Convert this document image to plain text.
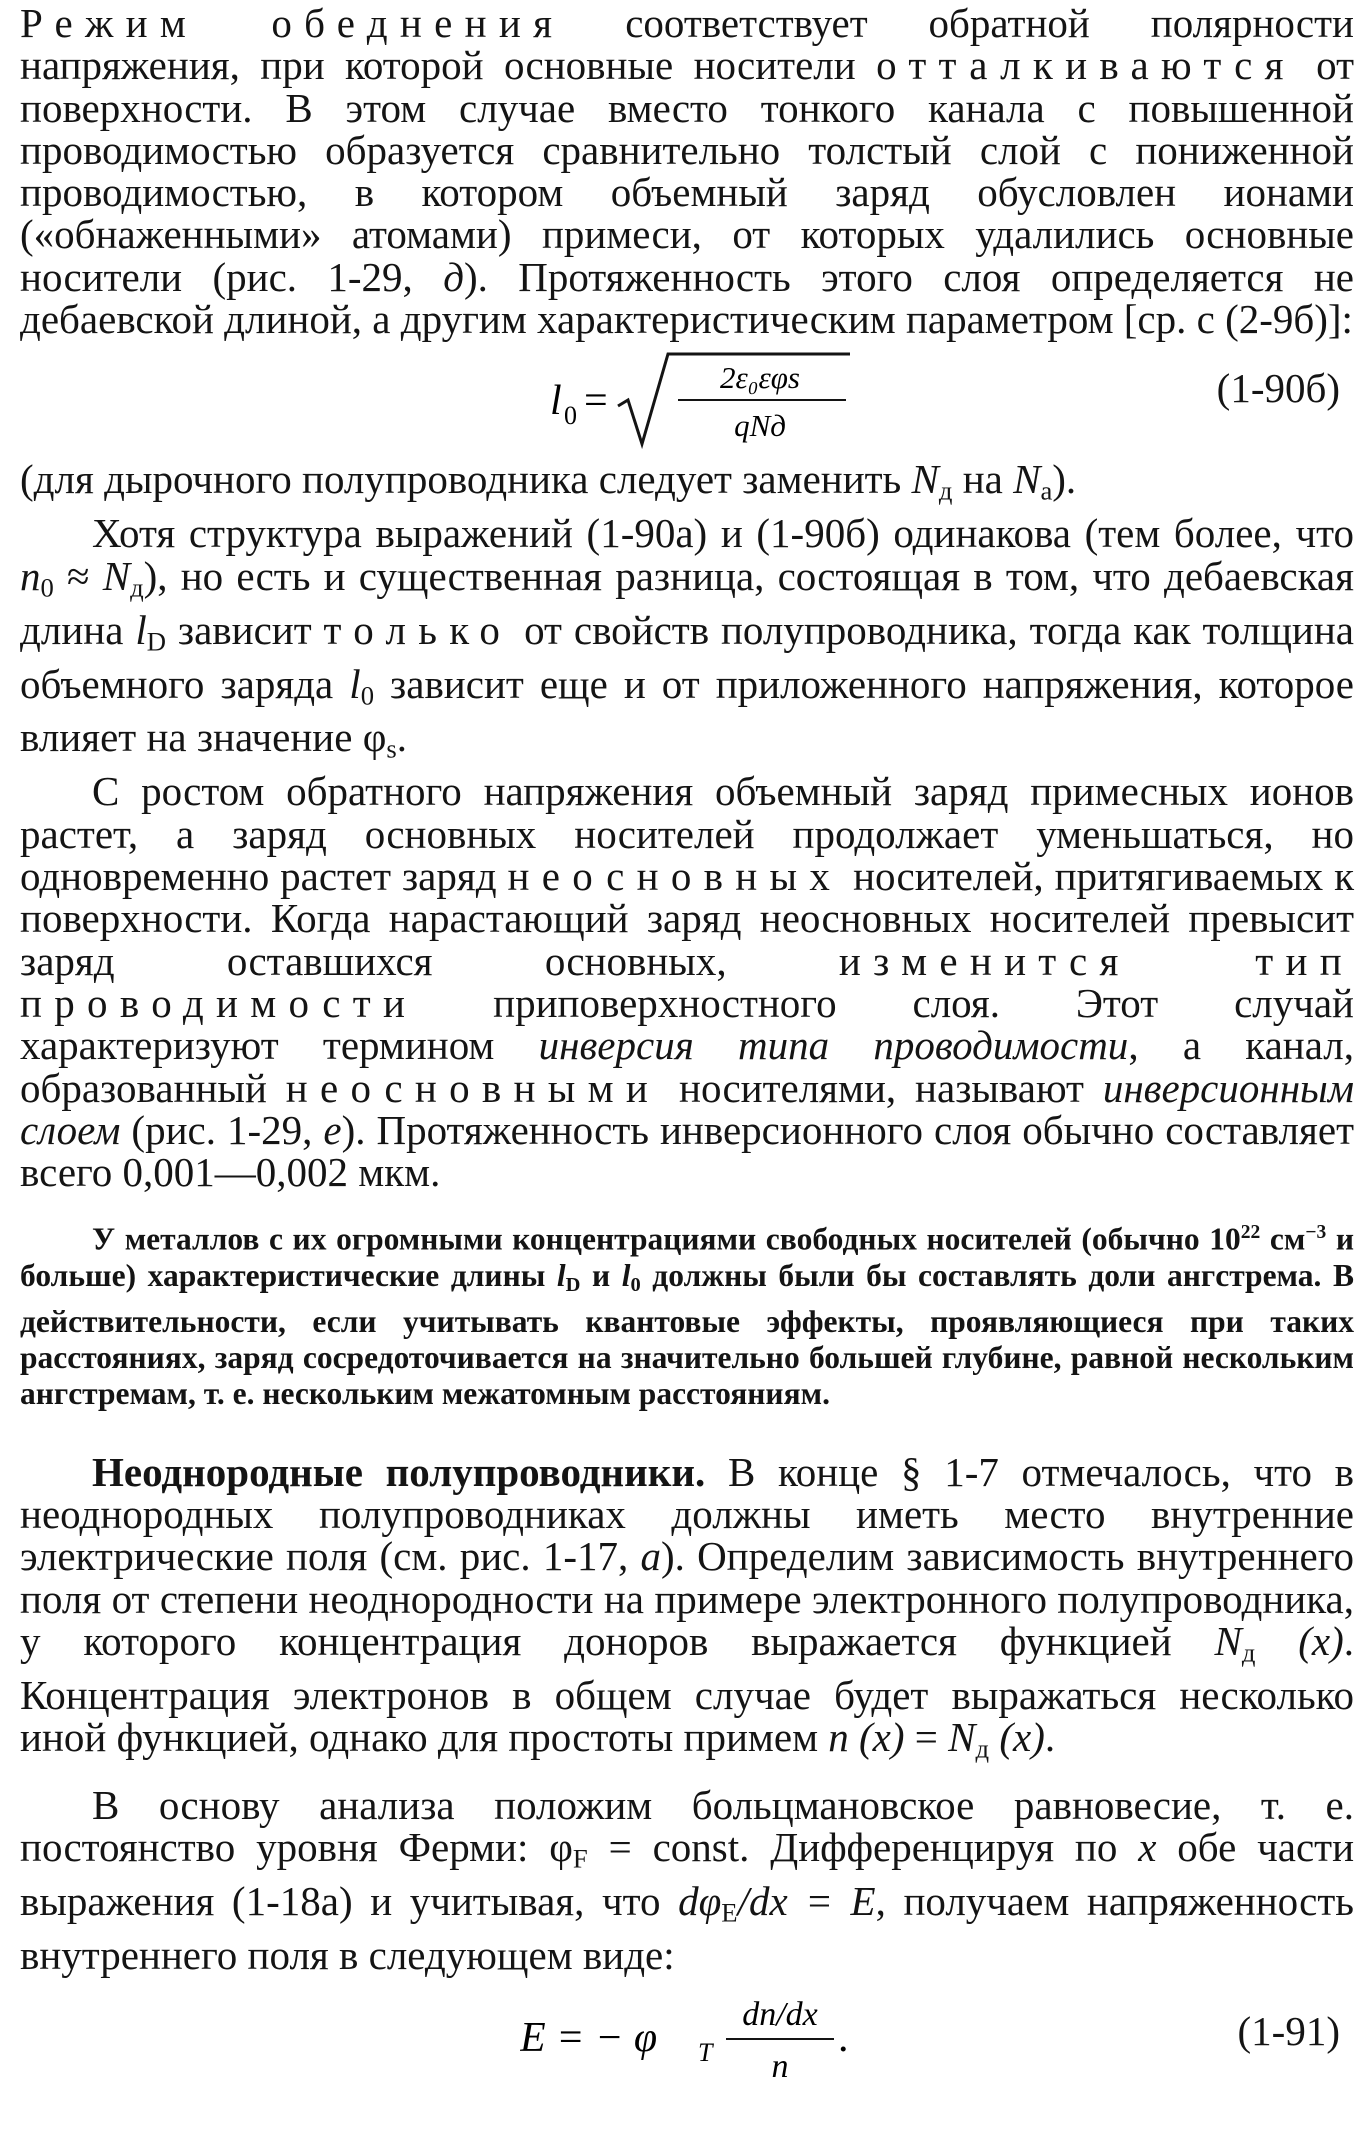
Режим обеднения соответствует обратной полярности напряжения, при которой основные носители отталкиваются от поверхности. В этом случае вместо тонкого канала с повышенной проводимостью образуется сравнительно толстый слой с пониженной проводимостью, в котором объемный заряд обусловлен ионами («обнаженными» атомами) примеси, от которых удалились основные носители (рис. 1-29, д). Протяженность этого слоя определяется не дебаевской длиной, а другим характеристическим параметром [ср. с (2-9б)]:

l 0 =
2ε₀εφs
qNд
(1-90б)

(для дырочного полупроводника следует заменить $N_д$ на $N_a$).

Хотя структура выражений (1-90а) и (1-90б) одинакова (тем более, что $n_0 \approx N_д$), но есть и существенная разница, состоящая в том, что дебаевская длина $l_D$ зависит только от свойств полупроводника, тогда как толщина объемного заряда $l_0$ зависит еще и от приложенного напряжения, которое влияет на значение $\varphi_s$.

С ростом обратного напряжения объемный заряд примесных ионов растет, а заряд основных носителей продолжает уменьшаться, но одновременно растет заряд неосновных носителей, притягиваемых к поверхности. Когда нарастающий заряд неосновных носителей превысит заряд оставшихся основных, изменится тип проводимости приповерхностного слоя. Этот случай характеризуют термином инверсия типа проводимости, а канал, образованный неосновными носителями, называют инверсионным слоем (рис. 1-29, е). Протяженность инверсионного слоя обычно составляет всего 0,001—0,002 мкм.

У металлов с их огромными концентрациями свободных носителей (обычно $10^{22}$ $см^{-3}$ и больше) характеристические длины $l_D$ и $l_0$ должны были бы составлять доли ангстрема. В действительности, если учитывать квантовые эффекты, проявляющиеся при таких расстояниях, заряд сосредоточивается на значительно большей глубине, равной нескольким ангстремам, т. е. нескольким межатомным расстояниям.

Неоднородные полупроводники. В конце § 1-7 отмечалось, что в неоднородных полупроводниках должны иметь место внутренние электрические поля (см. рис. 1-17, а). Определим зависимость внутреннего поля от степени неоднородности на примере электронного полупроводника, у которого концентрация доноров выражается функцией $N_д$ (x). Концентрация электронов в общем случае будет выражаться несколько иной функцией, однако для простоты примем n $(x) = N_д$ (x).

В основу анализа положим больцмановское равновесие, т. е. постоянство уровня Ферми: $\varphi_F$ = const. Дифференцируя по x обе части выражения (1-18а) и учитывая, что $d\varphi_E/dx = E$, получаем напряженность внутреннего поля в следующем виде:

E = − φ T
dn/dx
n
.	(1-91)
